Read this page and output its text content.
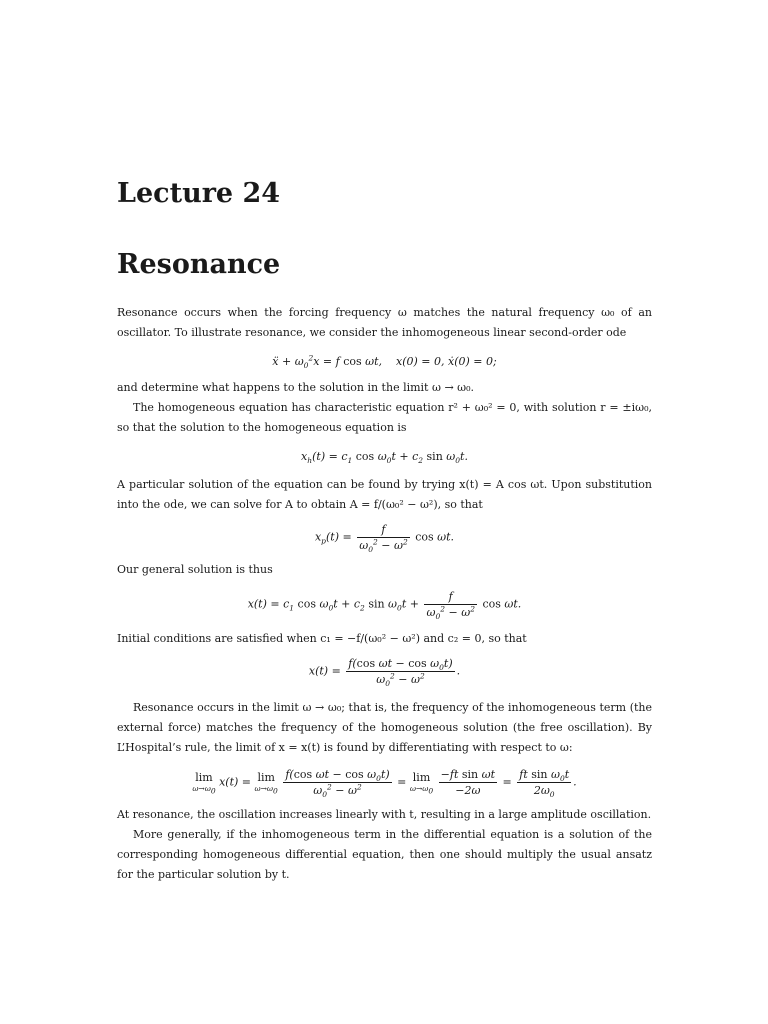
Lecture 24
Resonance

Resonance occurs when the forcing frequency ω matches the natural frequency ω₀ of an oscillator. To illustrate resonance, we consider the inhomogeneous linear second-order ode

ẍ + $\omega_0^2x = f$ cos ωt,    x(0) = 0, ẋ(0) = 0;

and determine what happens to the solution in the limit ω → ω₀.

The homogeneous equation has characteristic equation r² + ω₀² = 0, with solution r = ±iω₀, so that the solution to the homogeneous equation is

$x_h(t) = c_1$ $\cos \omega_0t + c_2$ $\sin \omega_0t$.

A particular solution of the equation can be found by trying x(t) = A cos ωt. Upon substitution into the ode, we can solve for A to obtain A = f/(ω₀² − ω²), so that

$x_p(t) = \frac{f}{\omega_0^2 - \omega^2}$ cos ωt.

Our general solution is thus

$x(t) = c_1$ $\cos \omega_0t + c_2$ $\sin \omega_0t + \frac{f}{\omega_0^2 - \omega^2}$ cos ωt.

Initial conditions are satisfied when c₁ = −f/(ω₀² − ω²) and c₂ = 0, so that

$x(t) = \frac{f(\cos \omega t - \cos \omega_0t)}{\omega_0^2 - \omega^2}$ .

Resonance occurs in the limit ω → ω₀; that is, the frequency of the inhomogeneous term (the external force) matches the frequency of the homogeneous solution (the free oscillation). By L’Hospital’s rule, the limit of x = x(t) is found by differentiating with respect to ω:

lim
$\omega\to\omega_0$
x(t) = lim
$\omega\to\omega_0$
$\frac{f(\cos \omega t - \cos \omega_0t)}{\omega_0^2 - \omega^2} = \lim$
$\omega\to\omega_0$
$\frac{\text{−ft sin ωt}}{-2\omega} = \frac{ft \sin \omega_0t}{2\omega_0}$ .

At resonance, the oscillation increases linearly with t, resulting in a large amplitude oscillation.

More generally, if the inhomogeneous term in the differential equation is a solution of the corresponding homogeneous differential equation, then one should multiply the usual ansatz for the particular solution by t.
